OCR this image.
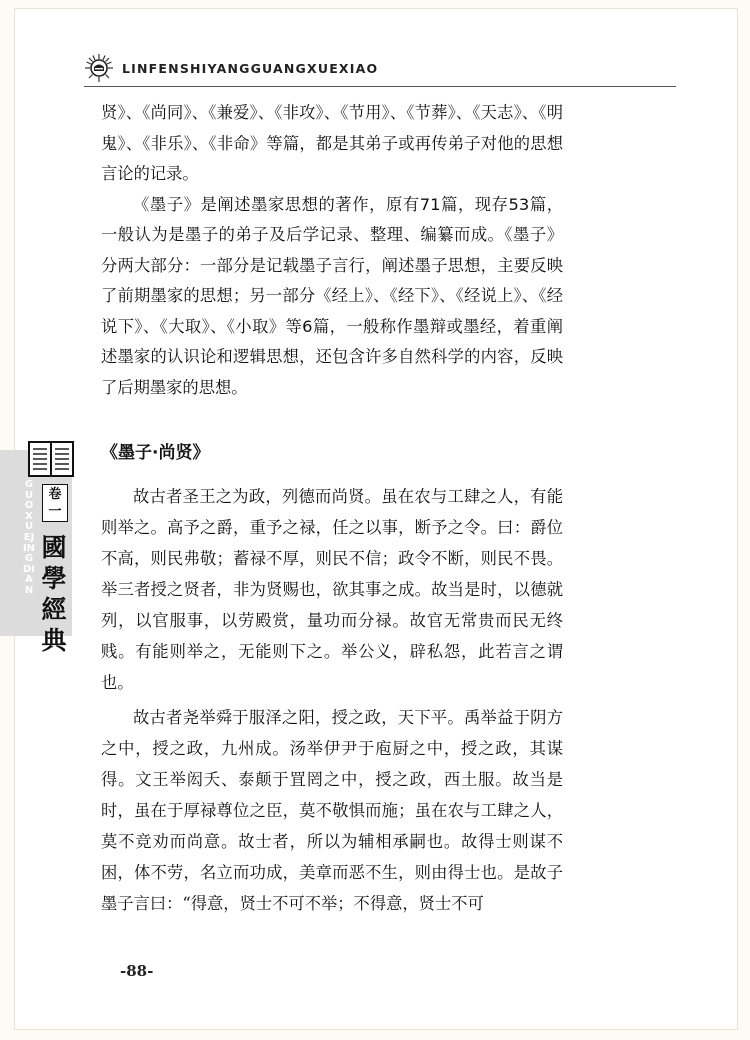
LINFENSHIYANGGUANGXUEXIAO
GUOXUEJINGDIAN
卷一
國學經典

贤》、《尚同》、《兼爱》、《非攻》、《节用》、《节葬》、《天志》、《明鬼》、《非乐》、《非命》等篇，都是其弟子或再传弟子对他的思想言论的记录。

《墨子》是阐述墨家思想的著作，原有71篇，现存53篇，一般认为是墨子的弟子及后学记录、整理、编纂而成。《墨子》分两大部分：一部分是记载墨子言行，阐述墨子思想，主要反映了前期墨家的思想；另一部分《经上》、《经下》、《经说上》、《经说下》、《大取》、《小取》等6篇，一般称作墨辩或墨经，着重阐述墨家的认识论和逻辑思想，还包含许多自然科学的内容，反映了后期墨家的思想。

《墨子·尚贤》

故古者圣王之为政，列德而尚贤。虽在农与工肆之人，有能则举之。高予之爵，重予之禄，任之以事，断予之令。曰：爵位不高，则民弗敬；蓄禄不厚，则民不信；政令不断，则民不畏。举三者授之贤者，非为贤赐也，欲其事之成。故当是时，以德就列，以官服事，以劳殿赏，量功而分禄。故官无常贵而民无终贱。有能则举之，无能则下之。举公义，辟私怨，此若言之谓也。

故古者尧举舜于服泽之阳，授之政，天下平。禹举益于阴方之中，授之政，九州成。汤举伊尹于庖厨之中，授之政，其谋得。文王举闳夭、泰颠于罝罔之中，授之政，西土服。故当是时，虽在于厚禄尊位之臣，莫不敬惧而施；虽在农与工肆之人，莫不竞劝而尚意。故士者，所以为辅相承嗣也。故得士则谋不困，体不劳，名立而功成，美章而恶不生，则由得士也。是故子墨子言曰：“得意，贤士不可不举；不得意，贤士不可

-88-
